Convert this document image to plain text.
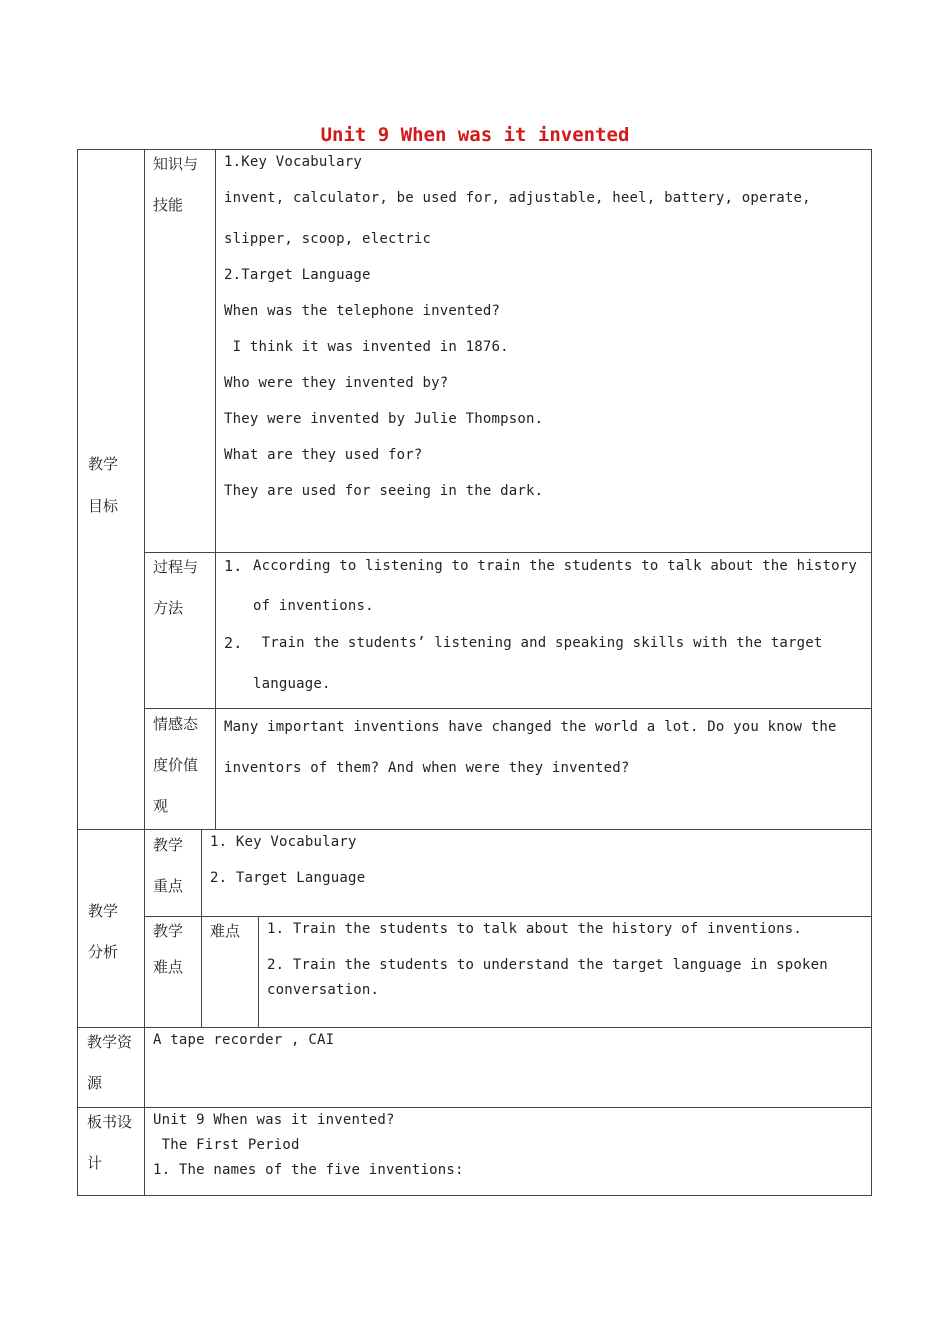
Unit 9 When was it invented
教学
目标
知识与
技能
1.Key Vocabulary
invent, calculator, be used for, adjustable, heel, battery, operate,
slipper, scoop, electric
2.Target Language
When was the telephone invented?
I think it was invented in 1876.
Who were they invented by?
They were invented by Julie Thompson.
What are they used for?
They are used for seeing in the dark.
过程与
方法
1. According to listening to train the students to talk about the history
of inventions.
2. Train the students’ listening and speaking skills with the target
language.
情感态
度价值
观
Many important inventions have changed the world a lot. Do you know the
inventors of them? And when were they invented?
教学
分析
教学
重点
1. Key Vocabulary
2. Target Language
教学
难点
难点 1. Train the students to talk about the history of inventions.
2. Train the students to understand the target language in spoken
conversation.
教学资
源
A tape recorder , CAI
板书设
计
Unit 9 When was it invented?
The First Period
1. The names of the five inventions:
